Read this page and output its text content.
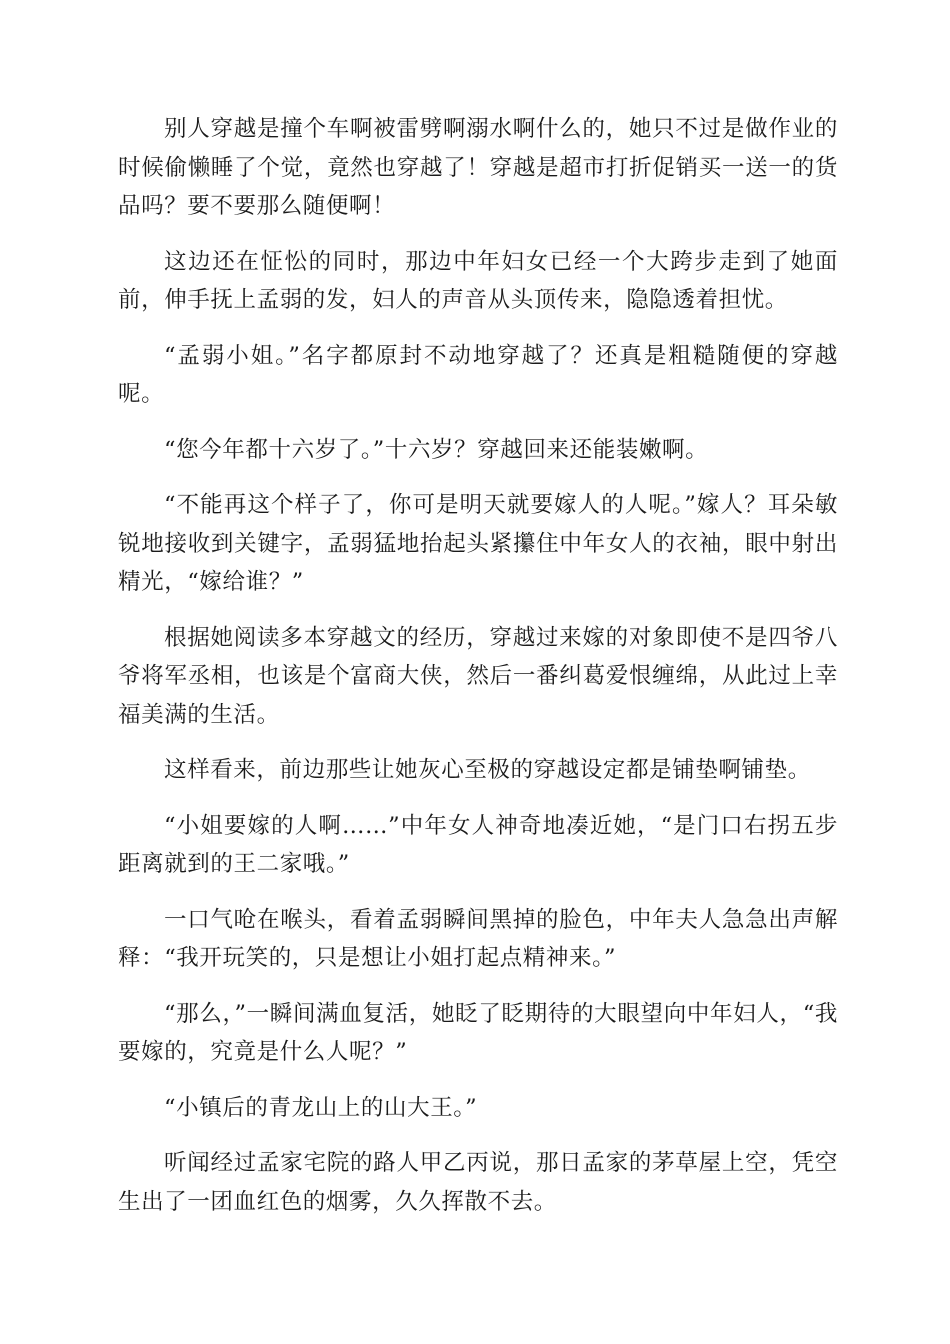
别人穿越是撞个车啊被雷劈啊溺水啊什么的，她只不过是做作业的时候偷懒睡了个觉，竟然也穿越了！穿越是超市打折促销买一送一的货品吗？要不要那么随便啊！

这边还在怔忪的同时，那边中年妇女已经一个大跨步走到了她面前，伸手抚上孟弱的发，妇人的声音从头顶传来，隐隐透着担忧。

“孟弱小姐。”名字都原封不动地穿越了？还真是粗糙随便的穿越呢。

“您今年都十六岁了。”十六岁？穿越回来还能装嫩啊。

“不能再这个样子了，你可是明天就要嫁人的人呢。”嫁人？耳朵敏锐地接收到关键字，孟弱猛地抬起头紧攥住中年女人的衣袖，眼中射出精光，“嫁给谁？”

根据她阅读多本穿越文的经历，穿越过来嫁的对象即使不是四爷八爷将军丞相，也该是个富商大侠，然后一番纠葛爱恨缠绵，从此过上幸福美满的生活。

这样看来，前边那些让她灰心至极的穿越设定都是铺垫啊铺垫。

“小姐要嫁的人啊……”中年女人神奇地凑近她，“是门口右拐五步距离就到的王二家哦。”

一口气呛在喉头，看着孟弱瞬间黑掉的脸色，中年夫人急急出声解释：“我开玩笑的，只是想让小姐打起点精神来。”

“那么，”一瞬间满血复活，她眨了眨期待的大眼望向中年妇人，“我要嫁的，究竟是什么人呢？”

“小镇后的青龙山上的山大王。”

听闻经过孟家宅院的路人甲乙丙说，那日孟家的茅草屋上空，凭空生出了一团血红色的烟雾，久久挥散不去。
